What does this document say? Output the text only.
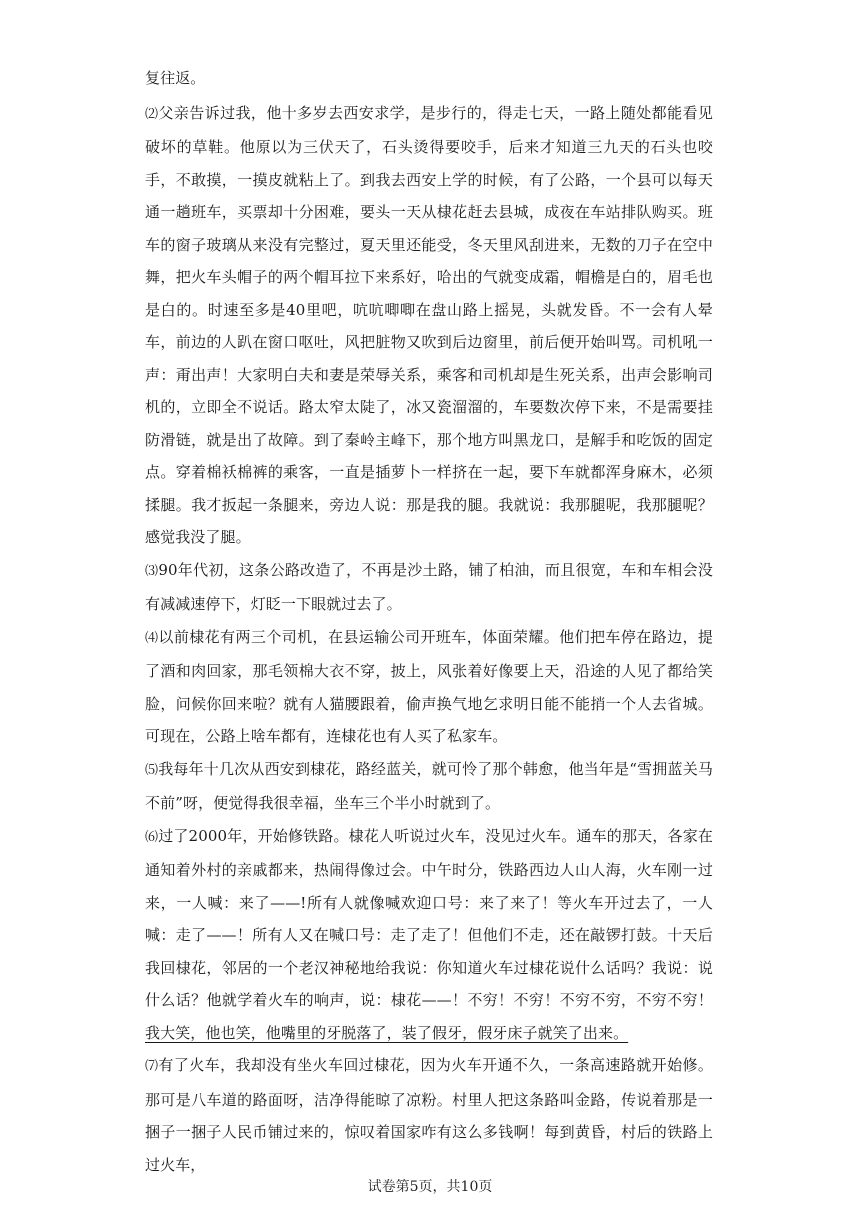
复往返。

⑵父亲告诉过我，他十多岁去西安求学，是步行的，得走七天，一路上随处都能看见破坏的草鞋。他原以为三伏天了，石头烫得要咬手，后来才知道三九天的石头也咬手，不敢摸，一摸皮就粘上了。到我去西安上学的时候，有了公路，一个县可以每天通一趟班车，买票却十分困难，要头一天从棣花赶去县城，成夜在车站排队购买。班车的窗子玻璃从来没有完整过，夏天里还能受，冬天里风刮进来，无数的刀子在空中舞，把火车头帽子的两个帽耳拉下来系好，哈出的气就变成霜，帽檐是白的，眉毛也是白的。时速至多是40里吧，吭吭唧唧在盘山路上摇晃，头就发昏。不一会有人晕车，前边的人趴在窗口呕吐，风把脏物又吹到后边窗里，前后便开始叫骂。司机吼一声：甭出声！大家明白夫和妻是荣辱关系，乘客和司机却是生死关系，出声会影响司机的，立即全不说话。路太窄太陡了，冰又瓷溜溜的，车要数次停下来，不是需要挂防滑链，就是出了故障。到了秦岭主峰下，那个地方叫黑龙口，是解手和吃饭的固定点。穿着棉袄棉裤的乘客，一直是插萝卜一样挤在一起，要下车就都浑身麻木，必须揉腿。我才扳起一条腿来，旁边人说：那是我的腿。我就说：我那腿呢，我那腿呢？感觉我没了腿。

⑶90年代初，这条公路改造了，不再是沙土路，铺了柏油，而且很宽，车和车相会没有减减速停下，灯眨一下眼就过去了。

⑷以前棣花有两三个司机，在县运输公司开班车，体面荣耀。他们把车停在路边，提了酒和肉回家，那毛领棉大衣不穿，披上，风张着好像要上天，沿途的人见了都给笑脸，问候你回来啦？就有人猫腰跟着，偷声换气地乞求明日能不能捎一个人去省城。可现在，公路上啥车都有，连棣花也有人买了私家车。

⑸我每年十几次从西安到棣花，路经蓝关，就可怜了那个韩愈，他当年是“雪拥蓝关马不前”呀，便觉得我很幸福，坐车三个半小时就到了。

⑹过了2000年，开始修铁路。棣花人听说过火车，没见过火车。通车的那天，各家在通知着外村的亲戚都来，热闹得像过会。中午时分，铁路西边人山人海，火车刚一过来，一人喊：来了——!所有人就像喊欢迎口号：来了来了！等火车开过去了，一人喊：走了——！所有人又在喊口号：走了走了！但他们不走，还在敲锣打鼓。十天后我回棣花，邻居的一个老汉神秘地给我说：你知道火车过棣花说什么话吗？我说：说什么话？他就学着火车的响声，说：棣花——！不穷！不穷！不穷不穷，不穷不穷！我大笑，他也笑，他嘴里的牙脱落了，装了假牙，假牙床子就笑了出来。

⑺有了火车，我却没有坐火车回过棣花，因为火车开通不久，一条高速路就开始修。那可是八车道的路面呀，洁净得能晾了凉粉。村里人把这条路叫金路，传说着那是一捆子一捆子人民币铺过来的，惊叹着国家咋有这么多钱啊！每到黄昏，村后的铁路上过火车，

试卷第5页，共10页
